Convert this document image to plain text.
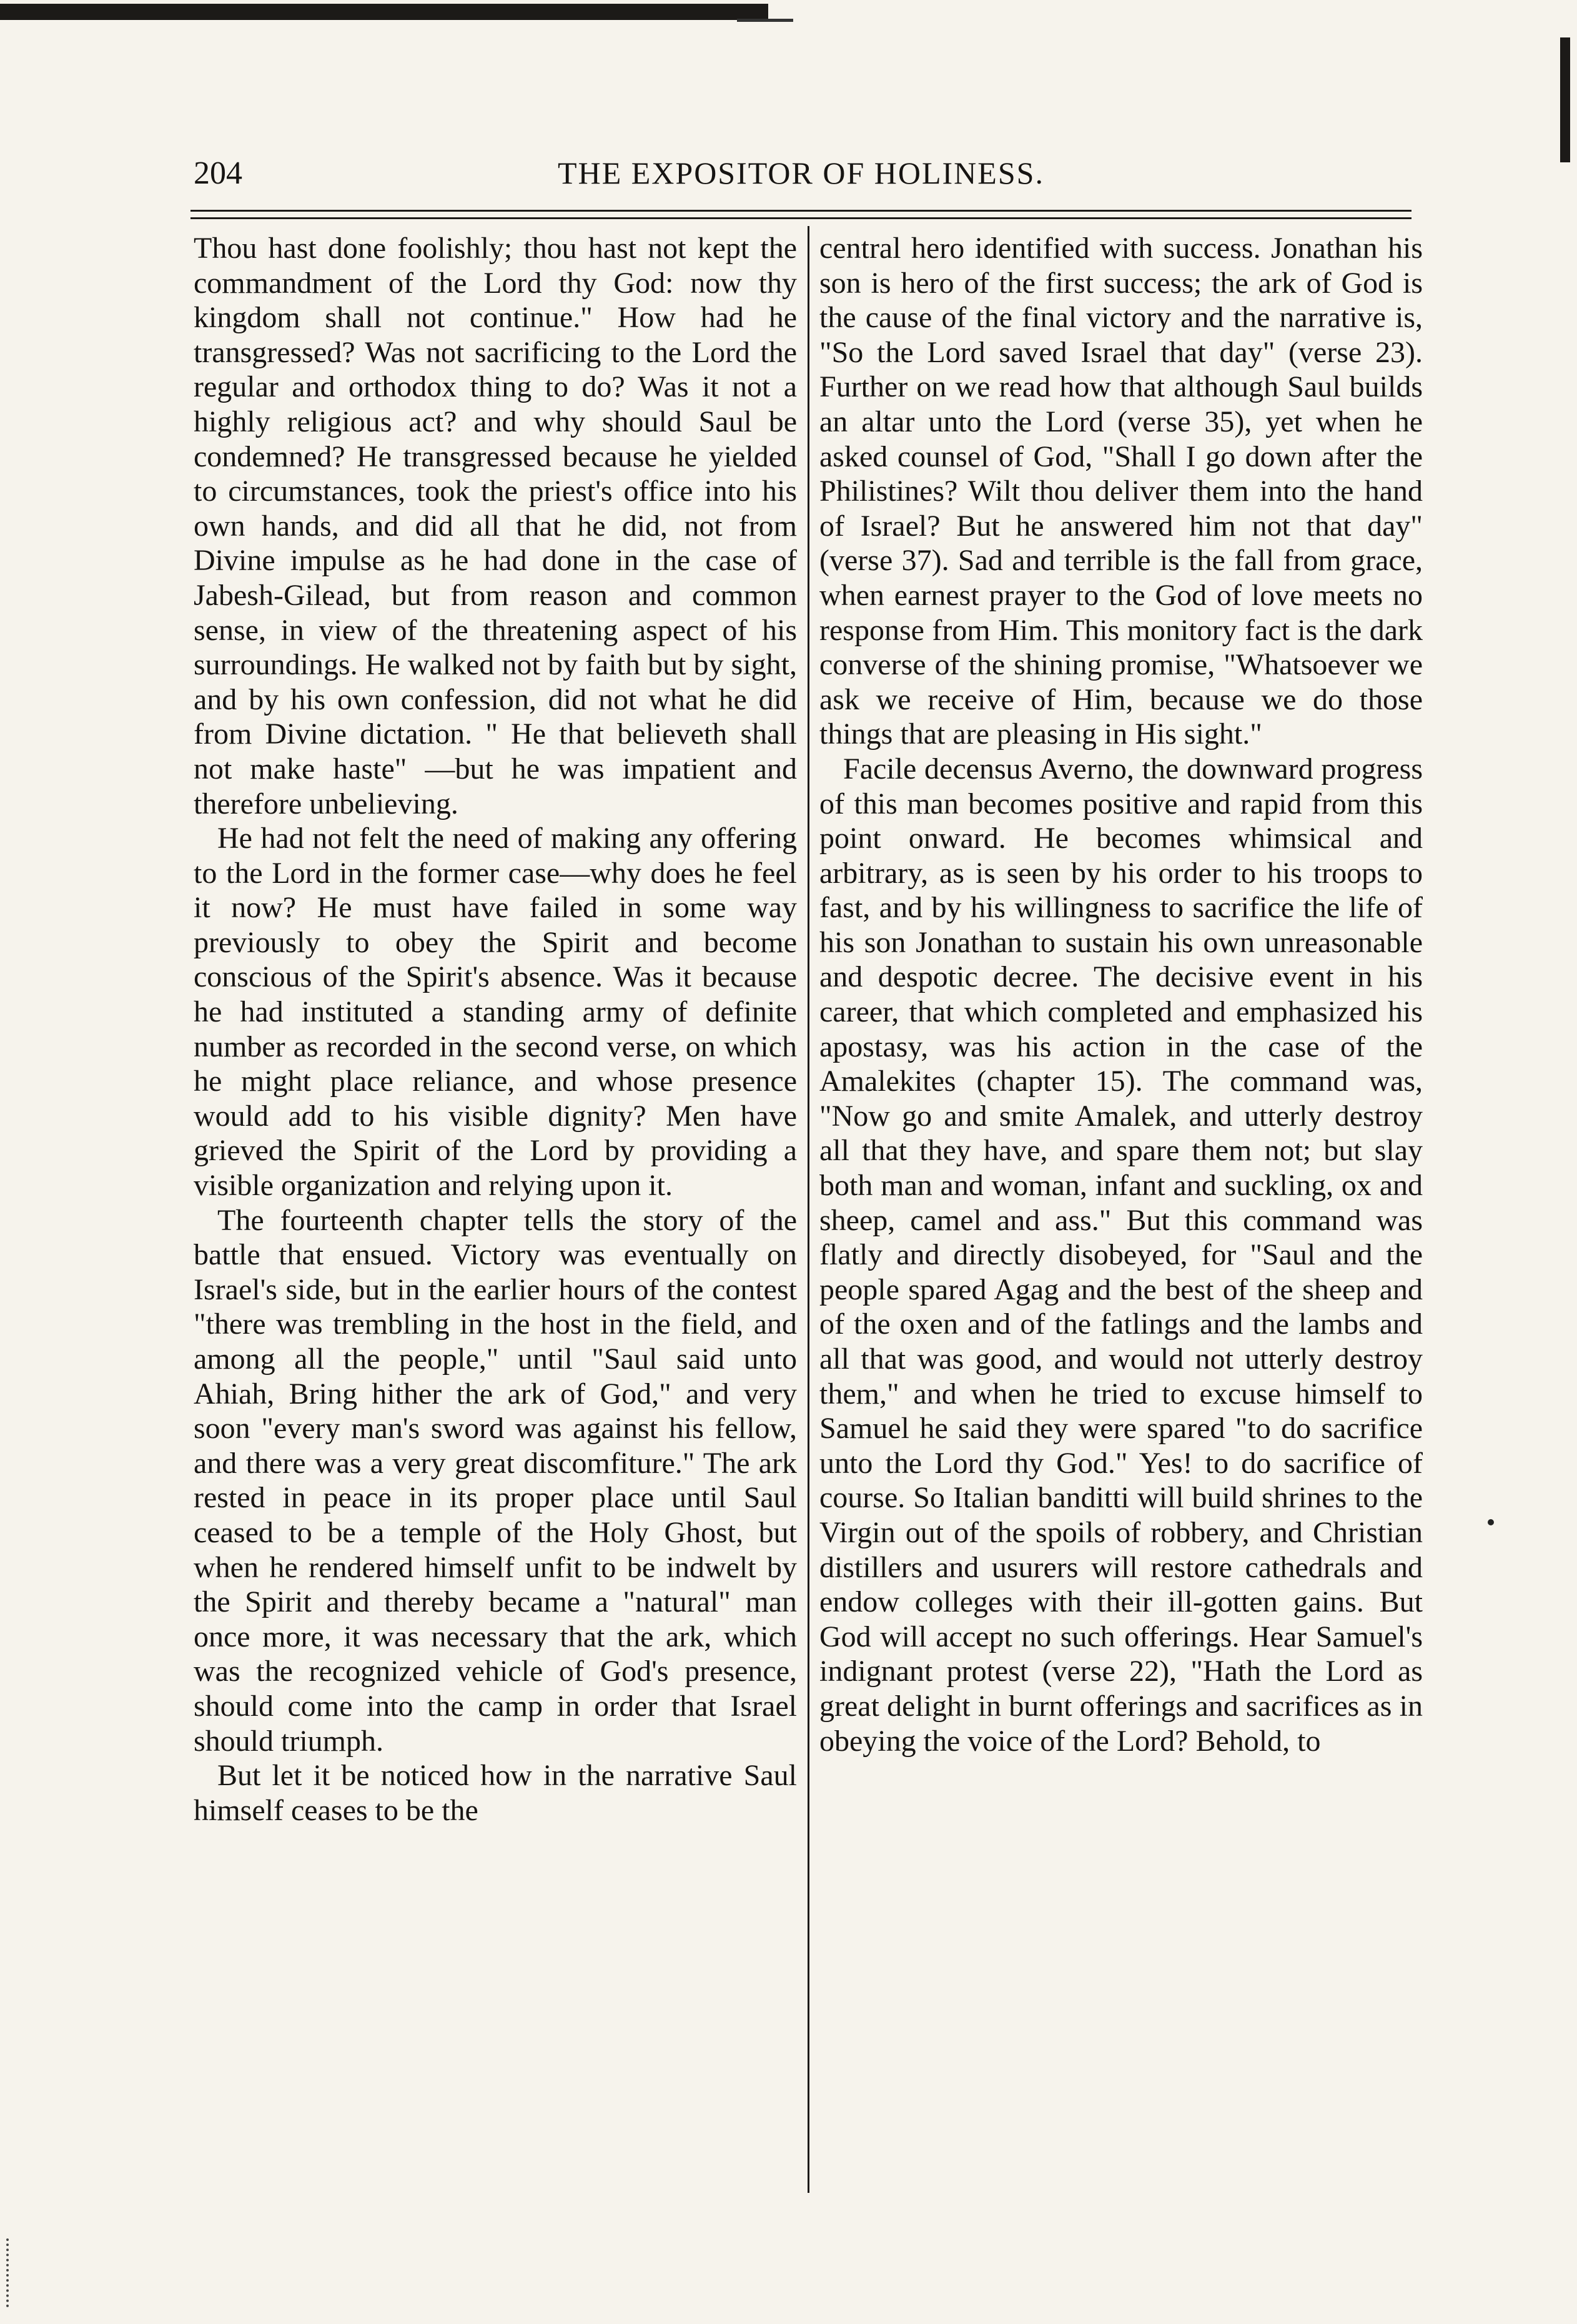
204	THE EXPOSITOR OF HOLINESS.

Thou hast done foolishly; thou hast not kept the commandment of the Lord thy God: now thy kingdom shall not continue." How had he transgressed? Was not sacrificing to the Lord the regular and orthodox thing to do? Was it not a highly religious act? and why should Saul be condemned? He transgressed because he yielded to circumstances, took the priest's office into his own hands, and did all that he did, not from Divine impulse as he had done in the case of Jabesh-Gilead, but from reason and common sense, in view of the threatening aspect of his surroundings. He walked not by faith but by sight, and by his own confession, did not what he did from Divine dictation. " He that believeth shall not make haste" —but he was impatient and therefore unbelieving.

He had not felt the need of making any offering to the Lord in the former case—why does he feel it now? He must have failed in some way previously to obey the Spirit and become conscious of the Spirit's absence. Was it because he had instituted a standing army of definite number as recorded in the second verse, on which he might place reliance, and whose presence would add to his visible dignity? Men have grieved the Spirit of the Lord by providing a visible organization and relying upon it.

The fourteenth chapter tells the story of the battle that ensued. Victory was eventually on Israel's side, but in the earlier hours of the contest "there was trembling in the host in the field, and among all the people," until "Saul said unto Ahiah, Bring hither the ark of God," and very soon "every man's sword was against his fellow, and there was a very great discomfiture." The ark rested in peace in its proper place until Saul ceased to be a temple of the Holy Ghost, but when he rendered himself unfit to be indwelt by the Spirit and thereby became a "natural" man once more, it was necessary that the ark, which was the recognized vehicle of God's presence, should come into the camp in order that Israel should triumph.

But let it be noticed how in the narrative Saul himself ceases to be the

central hero identified with success. Jonathan his son is hero of the first success; the ark of God is the cause of the final victory and the narrative is, "So the Lord saved Israel that day" (verse 23). Further on we read how that although Saul builds an altar unto the Lord (verse 35), yet when he asked counsel of God, "Shall I go down after the Philistines? Wilt thou deliver them into the hand of Israel? But he answered him not that day" (verse 37). Sad and terrible is the fall from grace, when earnest prayer to the God of love meets no response from Him. This monitory fact is the dark converse of the shining promise, "Whatsoever we ask we receive of Him, because we do those things that are pleasing in His sight."

Facile decensus Averno, the downward progress of this man becomes positive and rapid from this point onward. He becomes whimsical and arbitrary, as is seen by his order to his troops to fast, and by his willingness to sacrifice the life of his son Jonathan to sustain his own unreasonable and despotic decree. The decisive event in his career, that which completed and emphasized his apostasy, was his action in the case of the Amalekites (chapter 15). The command was, "Now go and smite Amalek, and utterly destroy all that they have, and spare them not; but slay both man and woman, infant and suckling, ox and sheep, camel and ass." But this command was flatly and directly disobeyed, for "Saul and the people spared Agag and the best of the sheep and of the oxen and of the fatlings and the lambs and all that was good, and would not utterly destroy them," and when he tried to excuse himself to Samuel he said they were spared "to do sacrifice unto the Lord thy God." Yes! to do sacrifice of course. So Italian banditti will build shrines to the Virgin out of the spoils of robbery, and Christian distillers and usurers will restore cathedrals and endow colleges with their ill-gotten gains. But God will accept no such offerings. Hear Samuel's indignant protest (verse 22), "Hath the Lord as great delight in burnt offerings and sacrifices as in obeying the voice of the Lord? Behold, to
